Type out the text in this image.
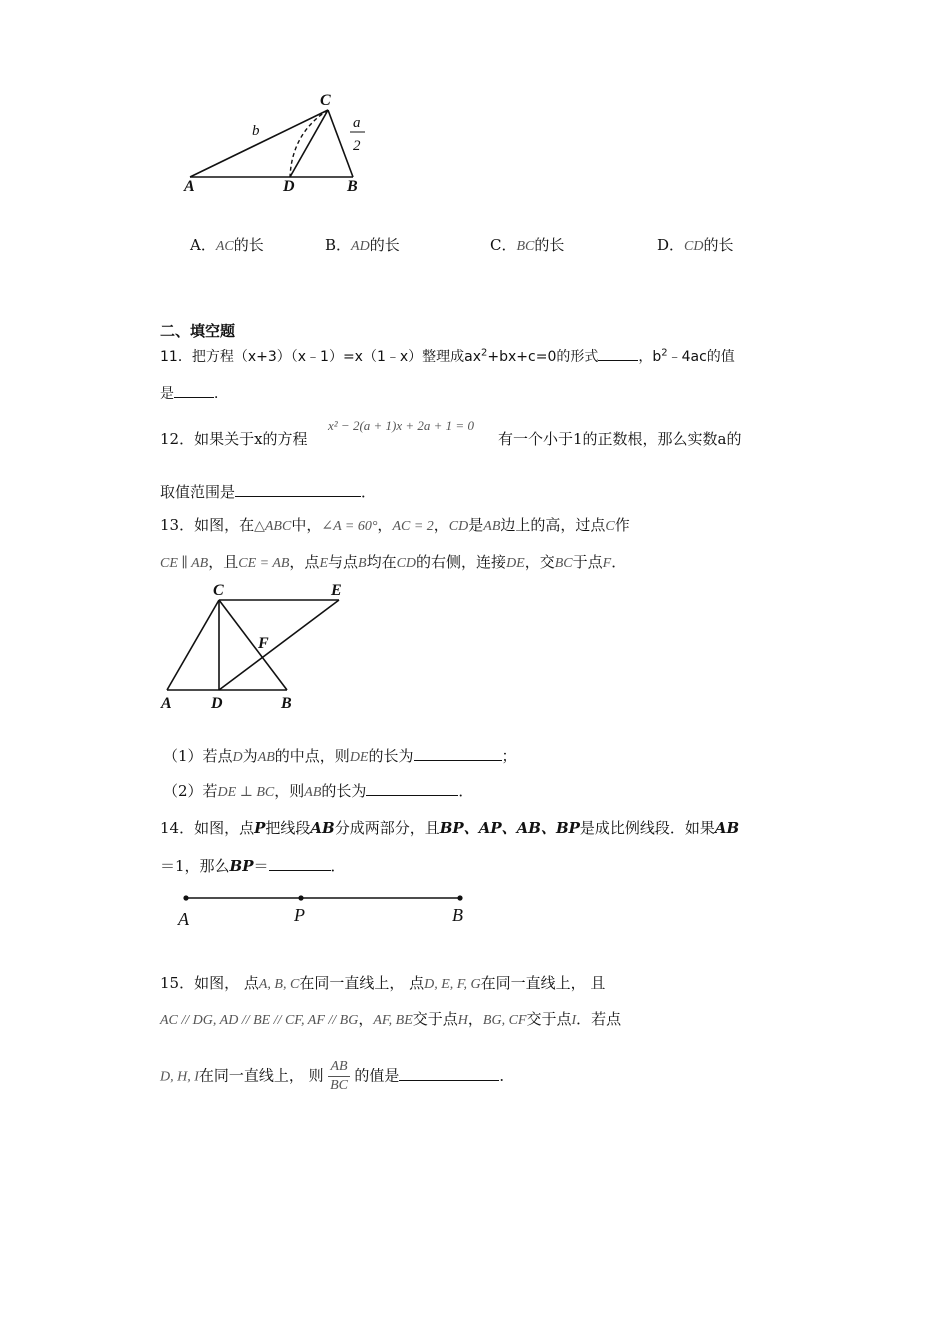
C
A	D	B
b	a
2
A．AC的长	B．AD的长	C．BC的长	D．CD的长
二、填空题
11．把方程（x+3）（x﹣1）=x（1﹣x）整理成$ax^2+bx+c=0$的形式	，$b^2﹣4ac$的值
是	．
12．如果关于x的方程
x² − 2(a + 1)x + 2a + 1 = 0
有一个小于1的正数根，那么实数a的
取值范围是	．
13．如图，在△ABC中，∠A = 60°，AC = 2，CD是AB边上的高，过点C作
CE ∥ AB，且CE = AB，点E与点B均在CD的右侧，连接DE，交BC于点F．
C	E
F
A D	B
（1）若点D为AB的中点，则DE的长为	；
（2）若DE ⊥ BC，则AB的长为	．
14．如图，点P把线段AB分成两部分，且BP、AP、AB、BP是成比例线段．如果AB
＝1，那么BP＝	．
A	P	B
15．如图， 点A, B, C在同一直线上， 点D, E, F, G在同一直线上， 且
AC // DG, AD // BE // CF, AF // BG，AF, BE交于点H，BG, CF交于点I．若点
D, H, I在同一直线上， 则 $\frac{AB}{BC}$ 的值是	．
